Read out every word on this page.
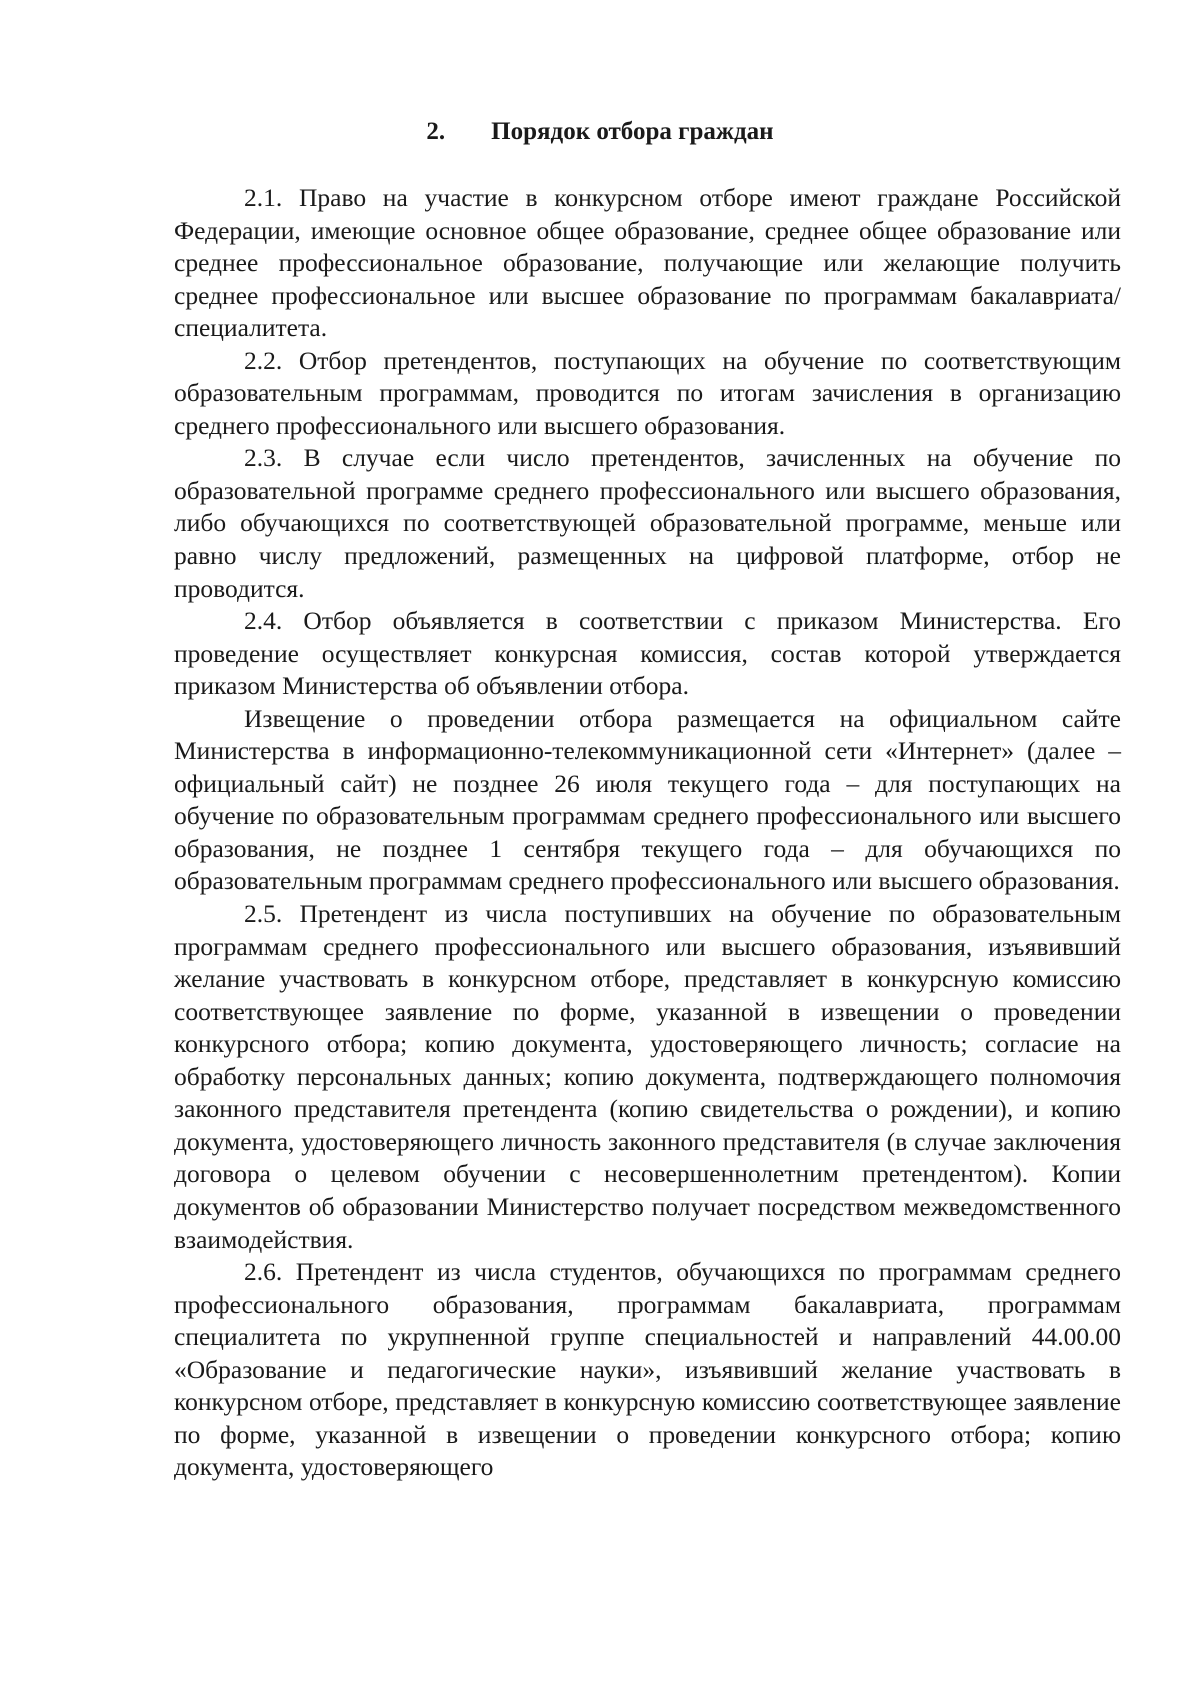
2. Порядок отбора граждан

2.1. Право на участие в конкурсном отборе имеют граждане Российской Федерации, имеющие основное общее образование, среднее общее образование или среднее профессиональное образование, получающие или желающие получить среднее профессиональное или высшее образование по программам бакалавриата/специалитета.

2.2. Отбор претендентов, поступающих на обучение по соответствующим образовательным программам, проводится по итогам зачисления в организацию среднего профессионального или высшего образования.

2.3. В случае если число претендентов, зачисленных на обучение по образовательной программе среднего профессионального или высшего образования, либо обучающихся по соответствующей образовательной программе, меньше или равно числу предложений, размещенных на цифровой платформе, отбор не проводится.

2.4. Отбор объявляется в соответствии с приказом Министерства. Его проведение осуществляет конкурсная комиссия, состав которой утверждается приказом Министерства об объявлении отбора.

Извещение о проведении отбора размещается на официальном сайте Министерства в информационно-телекоммуникационной сети «Интернет» (далее – официальный сайт) не позднее 26 июля текущего года – для поступающих на обучение по образовательным программам среднего профессионального или высшего образования, не позднее 1 сентября текущего года – для обучающихся по образовательным программам среднего профессионального или высшего образования.

2.5. Претендент из числа поступивших на обучение по образовательным программам среднего профессионального или высшего образования, изъявивший желание участвовать в конкурсном отборе, представляет в конкурсную комиссию соответствующее заявление по форме, указанной в извещении о проведении конкурсного отбора; копию документа, удостоверяющего личность; согласие на обработку персональных данных; копию документа, подтверждающего полномочия законного представителя претендента (копию свидетельства о рождении), и копию документа, удостоверяющего личность законного представителя (в случае заключения договора о целевом обучении с несовершеннолетним претендентом). Копии документов об образовании Министерство получает посредством межведомственного взаимодействия.

2.6. Претендент из числа студентов, обучающихся по программам среднего профессионального образования, программам бакалавриата, программам специалитета по укрупненной группе специальностей и направлений 44.00.00 «Образование и педагогические науки», изъявивший желание участвовать в конкурсном отборе, представляет в конкурсную комиссию соответствующее заявление по форме, указанной в извещении о проведении конкурсного отбора; копию документа, удостоверяющего
